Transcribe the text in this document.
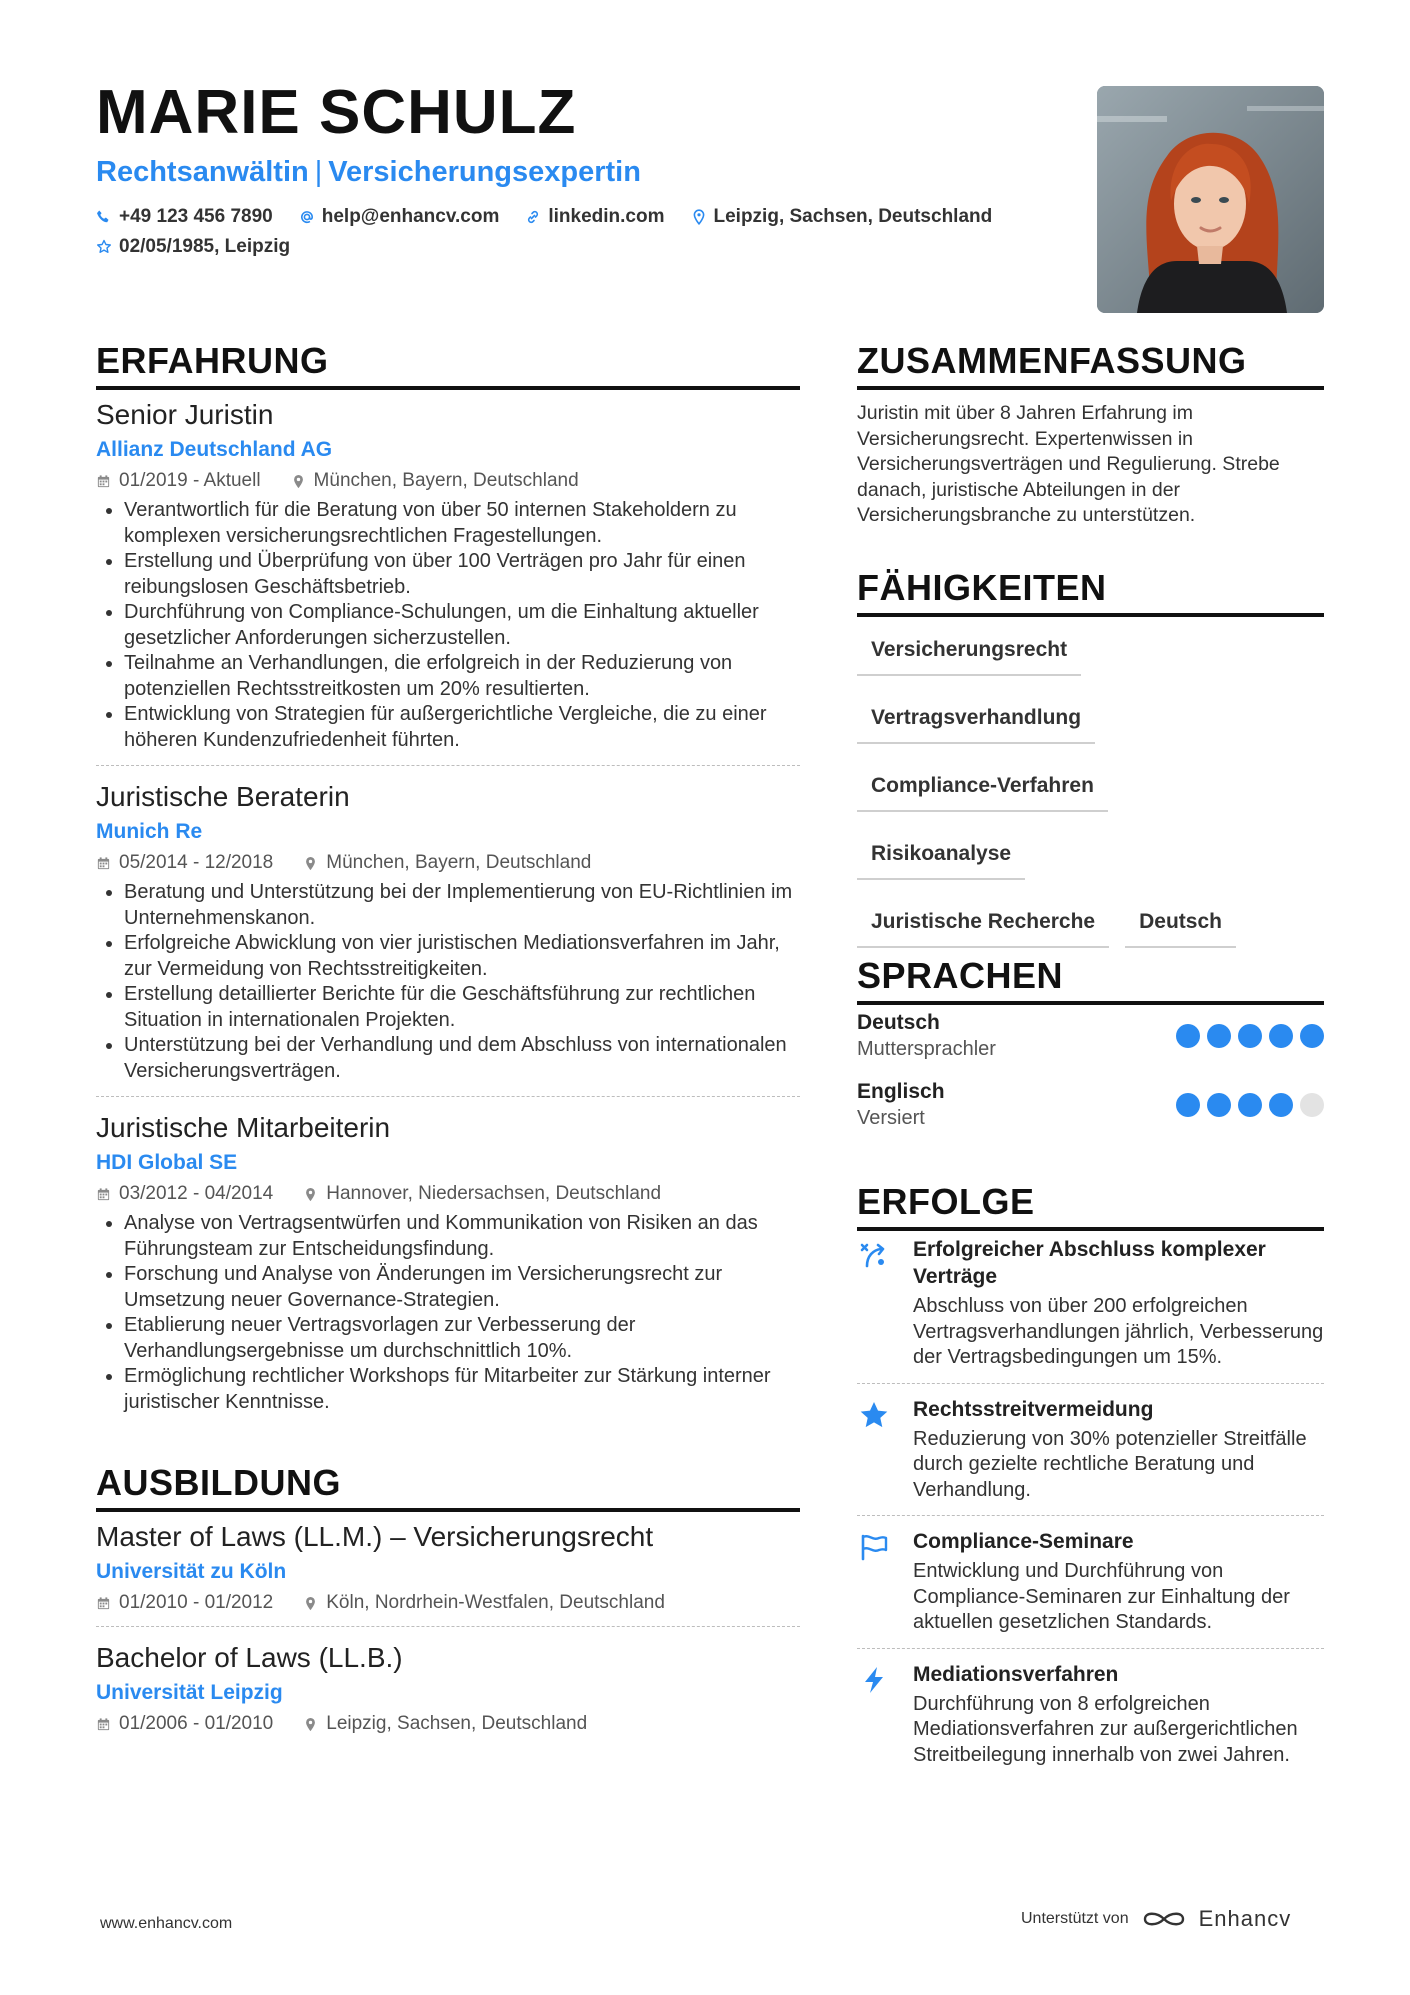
MARIE SCHULZ
Rechtsanwältin | Versicherungsexpertin
+49 123 456 7890	help@enhancv.com	linkedin.com	Leipzig, Sachsen, Deutschland
02/05/1985, Leipzig
ERFAHRUNG
Senior Juristin
Allianz Deutschland AG
01/2019 - Aktuell	München, Bayern, Deutschland
• Verantwortlich für die Beratung von über 50 internen Stakeholdern zu komplexen versicherungsrechtlichen Fragestellungen.
• Erstellung und Überprüfung von über 100 Verträgen pro Jahr für einen reibungslosen Geschäftsbetrieb.
• Durchführung von Compliance-Schulungen, um die Einhaltung aktueller gesetzlicher Anforderungen sicherzustellen.
• Teilnahme an Verhandlungen, die erfolgreich in der Reduzierung von potenziellen Rechtsstreitkosten um 20% resultierten.
• Entwicklung von Strategien für außergerichtliche Vergleiche, die zu einer höheren Kundenzufriedenheit führten.
Juristische Beraterin
Munich Re
05/2014 - 12/2018	München, Bayern, Deutschland
• Beratung und Unterstützung bei der Implementierung von EU-Richtlinien im Unternehmenskanon.
• Erfolgreiche Abwicklung von vier juristischen Mediationsverfahren im Jahr, zur Vermeidung von Rechtsstreitigkeiten.
• Erstellung detaillierter Berichte für die Geschäftsführung zur rechtlichen Situation in internationalen Projekten.
• Unterstützung bei der Verhandlung und dem Abschluss von internationalen Versicherungsverträgen.
Juristische Mitarbeiterin
HDI Global SE
03/2012 - 04/2014	Hannover, Niedersachsen, Deutschland
• Analyse von Vertragsentwürfen und Kommunikation von Risiken an das Führungsteam zur Entscheidungsfindung.
• Forschung und Analyse von Änderungen im Versicherungsrecht zur Umsetzung neuer Governance-Strategien.
• Etablierung neuer Vertragsvorlagen zur Verbesserung der Verhandlungsergebnisse um durchschnittlich 10%.
• Ermöglichung rechtlicher Workshops für Mitarbeiter zur Stärkung interner juristischer Kenntnisse.
AUSBILDUNG
Master of Laws (LL.M.) – Versicherungsrecht
Universität zu Köln
01/2010 - 01/2012	Köln, Nordrhein-Westfalen, Deutschland
Bachelor of Laws (LL.B.)
Universität Leipzig
01/2006 - 01/2010	Leipzig, Sachsen, Deutschland
ZUSAMMENFASSUNG
Juristin mit über 8 Jahren Erfahrung im Versicherungsrecht. Expertenwissen in Versicherungsverträgen und Regulierung. Strebe danach, juristische Abteilungen in der Versicherungsbranche zu unterstützen.
FÄHIGKEITEN
Versicherungsrecht
Vertragsverhandlung
Compliance-Verfahren
Risikoanalyse
Juristische Recherche	Deutsch
SPRACHEN
Deutsch
Muttersprachler
Englisch
Versiert
ERFOLGE
Erfolgreicher Abschluss komplexer Verträge
Abschluss von über 200 erfolgreichen Vertragsverhandlungen jährlich, Verbesserung der Vertragsbedingungen um 15%.
Rechtsstreitvermeidung
Reduzierung von 30% potenzieller Streitfälle durch gezielte rechtliche Beratung und Verhandlung.
Compliance-Seminare
Entwicklung und Durchführung von Compliance-Seminaren zur Einhaltung der aktuellen gesetzlichen Standards.
Mediationsverfahren
Durchführung von 8 erfolgreichen Mediationsverfahren zur außergerichtlichen Streitbeilegung innerhalb von zwei Jahren.
www.enhancv.com	Unterstützt von	Enhancv
